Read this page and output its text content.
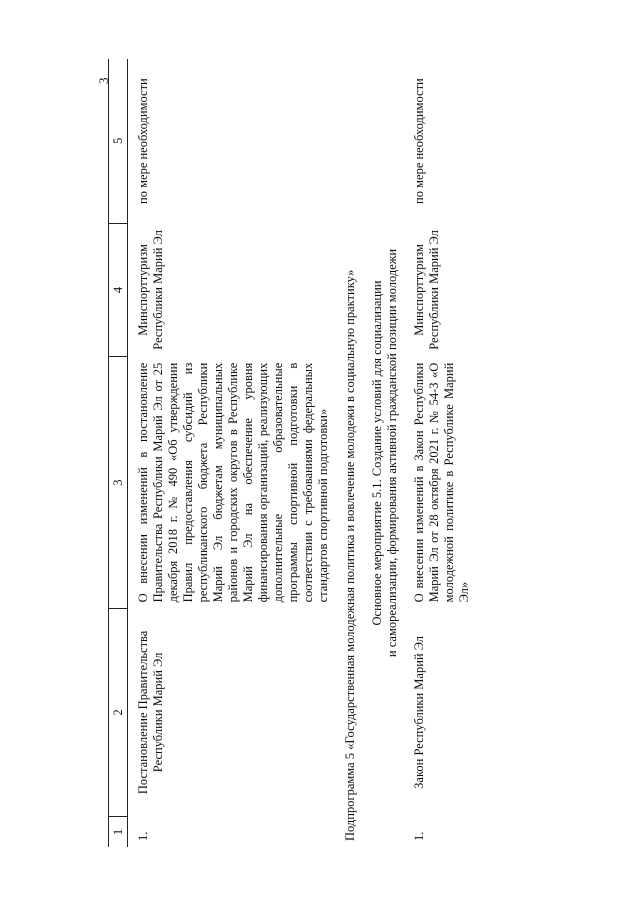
3
1	2	3	4	5
1.	Постановление Правительства Республики Марий Эл	О внесении изменений в постановление Правительства Республики Марий Эл от 25 декабря 2018 г. № 490 «Об утверждении Правил предоставления субсидий из республиканского бюджета Республики Марий Эл бюджетам муниципальных районов и городских округов в Республике Марий Эл на обеспечение уровня финансирования организаций, реализующих дополнительные образовательные программы спортивной подготовки в соответствии с требованиями федеральных стандартов спортивной подготовки»	Минспорттуризм Республики Марий Эл	по мере необходимости
Подпрограмма 5 «Государственная молодежная политика и вовлечение молодежи в социальную практику»				

Основное мероприятие 5.1. Создание условий для социализации и самореализации, формирования активной гражданской позиции молодежи				

1.	Закон Республики Марий Эл	О внесении изменений в Закон Республики Марий Эл от 28 октября 2021 г. № 54-З «О молодежной политике в Республике Марий Эл»	Минспорттуризм Республики Марий Эл	по мере необходимости
